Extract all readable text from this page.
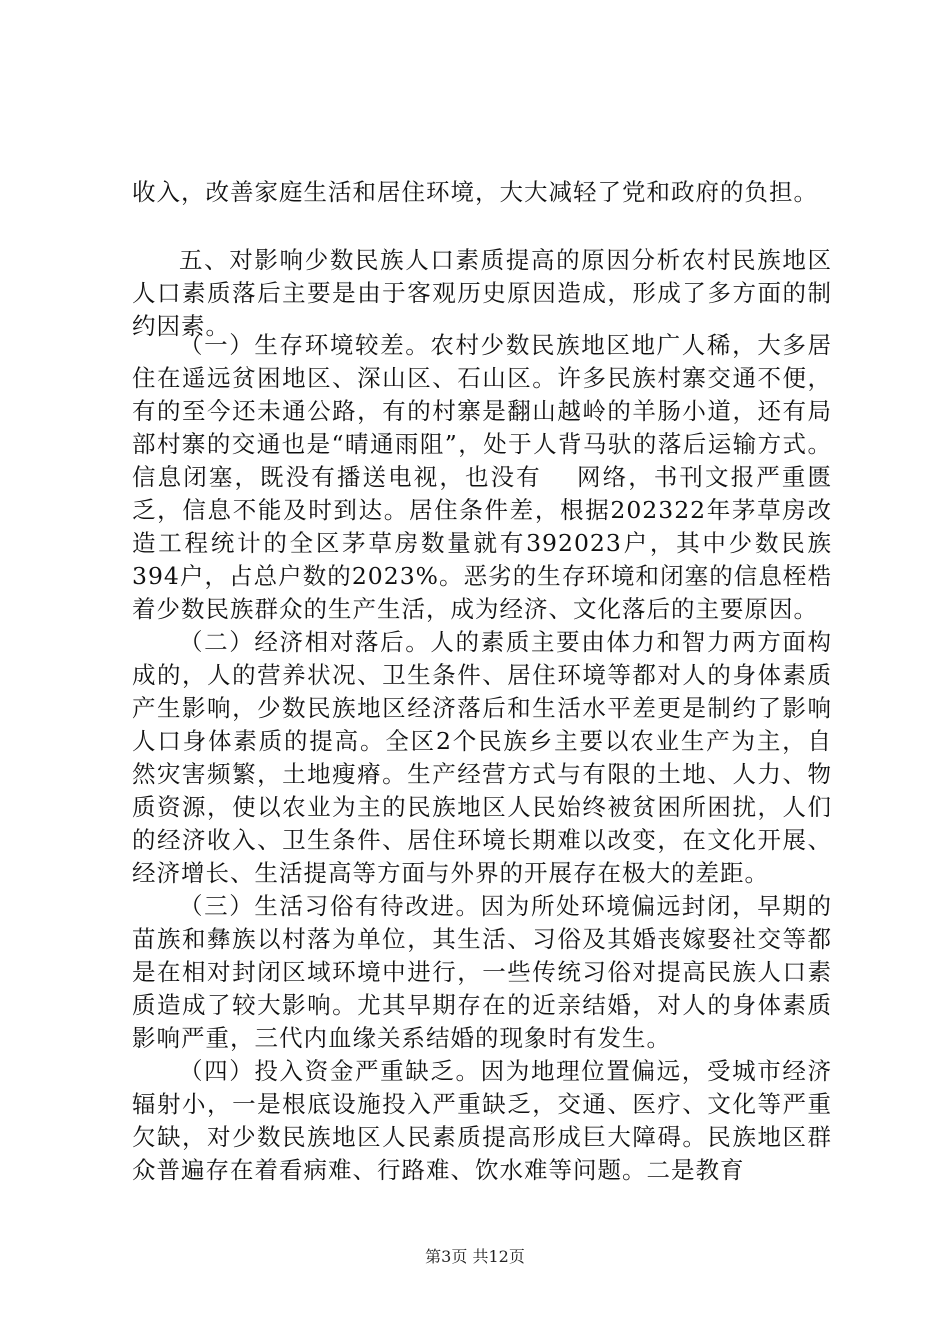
收入，改善家庭生活和居住环境，大大减轻了党和政府的负担。

五、对影响少数民族人口素质提高的原因分析农村民族地区人口素质落后主要是由于客观历史原因造成，形成了多方面的制约因素。

（一）生存环境较差。农村少数民族地区地广人稀，大多居住在遥远贫困地区、深山区、石山区。许多民族村寨交通不便，有的至今还未通公路，有的村寨是翻山越岭的羊肠小道，还有局部村寨的交通也是“晴通雨阻”，处于人背马驮的落后运输方式。信息闭塞，既没有播送电视，也没有　 网络，书刊文报严重匮乏，信息不能及时到达。居住条件差，根据202322年茅草房改造工程统计的全区茅草房数量就有392023户，其中少数民族394户，占总户数的2023%。恶劣的生存环境和闭塞的信息桎梏着少数民族群众的生产生活，成为经济、文化落后的主要原因。

（二）经济相对落后。人的素质主要由体力和智力两方面构成的，人的营养状况、卫生条件、居住环境等都对人的身体素质产生影响，少数民族地区经济落后和生活水平差更是制约了影响人口身体素质的提高。全区2个民族乡主要以农业生产为主，自然灾害频繁，土地瘦瘠。生产经营方式与有限的土地、人力、物质资源，使以农业为主的民族地区人民始终被贫困所困扰，人们的经济收入、卫生条件、居住环境长期难以改变，在文化开展、经济增长、生活提高等方面与外界的开展存在极大的差距。

（三）生活习俗有待改进。因为所处环境偏远封闭，早期的苗族和彝族以村落为单位，其生活、习俗及其婚丧嫁娶社交等都是在相对封闭区域环境中进行，一些传统习俗对提高民族人口素质造成了较大影响。尤其早期存在的近亲结婚，对人的身体素质影响严重，三代内血缘关系结婚的现象时有发生。

（四）投入资金严重缺乏。因为地理位置偏远，受城市经济辐射小，一是根底设施投入严重缺乏，交通、医疗、文化等严重欠缺，对少数民族地区人民素质提高形成巨大障碍。民族地区群众普遍存在着看病难、行路难、饮水难等问题。二是教育

第3页 共12页
